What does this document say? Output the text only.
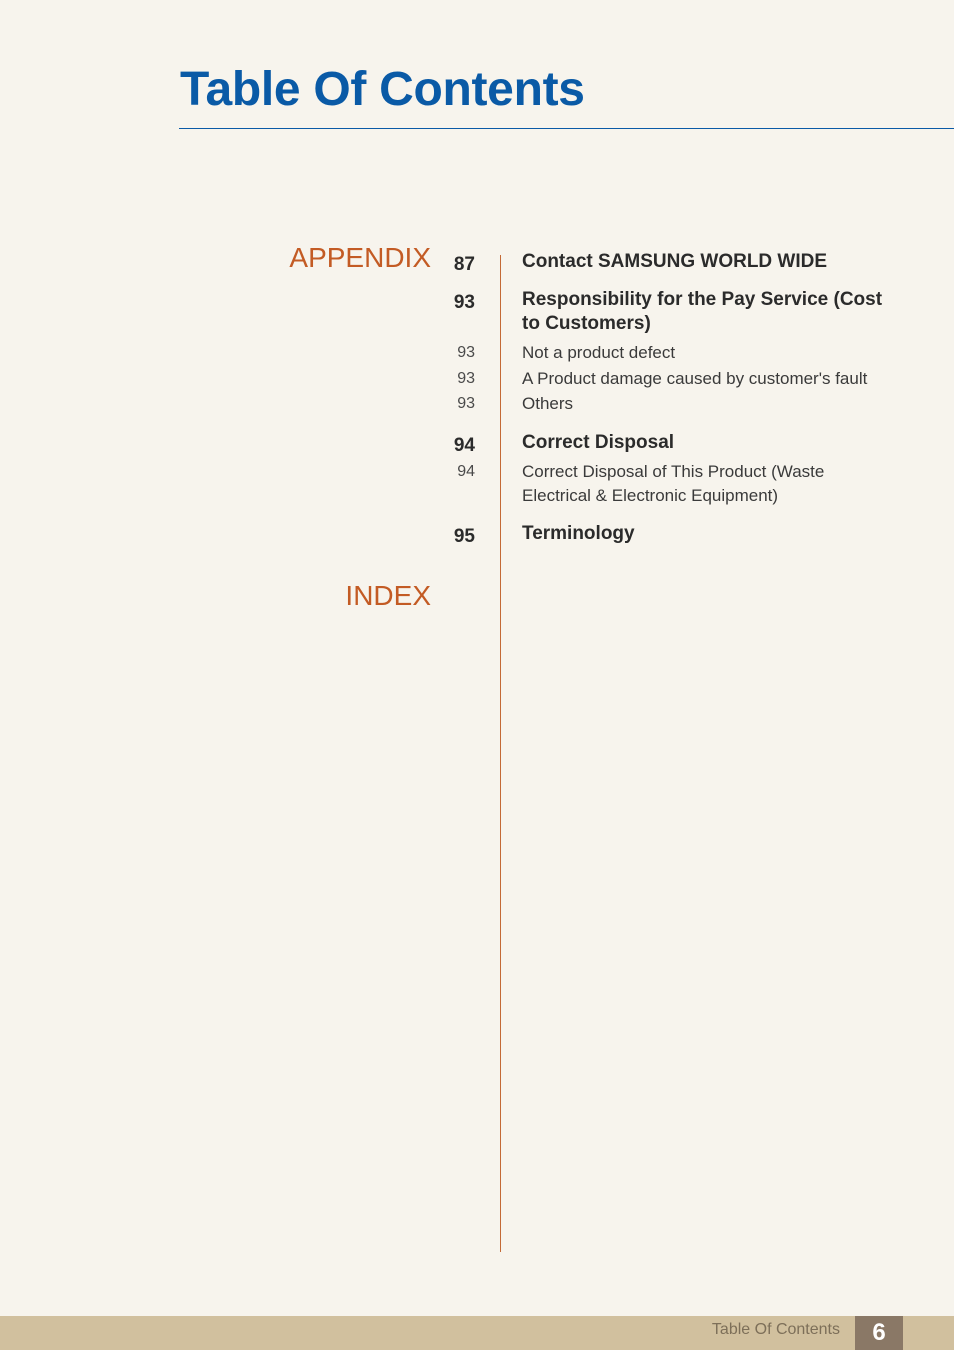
Table Of Contents
APPENDIX 87 Contact SAMSUNG WORLD WIDE
93 Responsibility for the Pay Service (Cost
to Customers)
93	Not a product defect
93	A Product damage caused by customer's fault
93	Others
94 Correct Disposal
94	Correct Disposal of This Product (Waste
Electrical & Electronic Equipment)
95 Terminology
INDEX
Table Of Contents	6
